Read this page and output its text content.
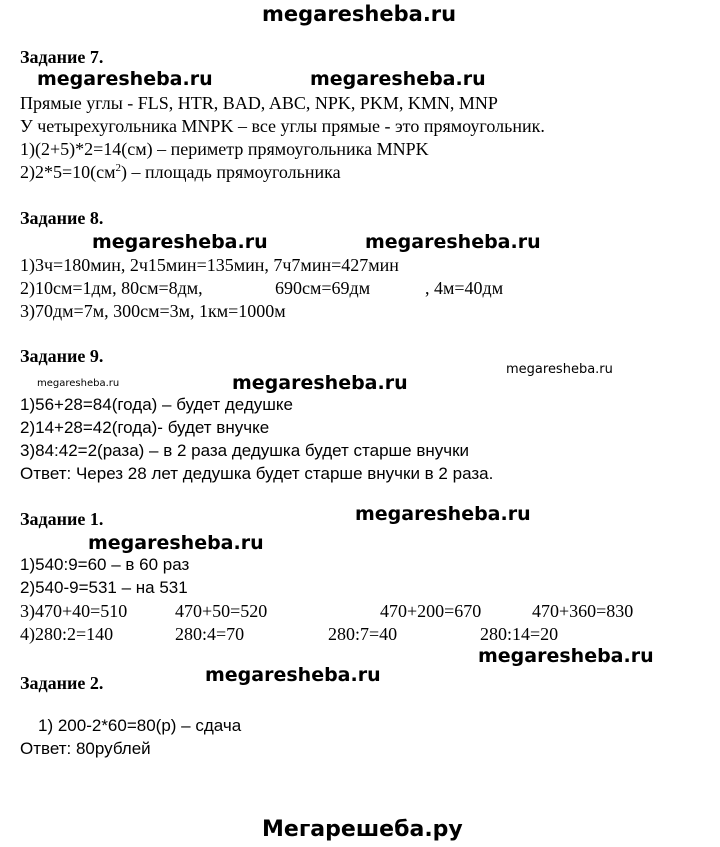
megaresheba.ru
Задание 7.
megaresheba.ru	megaresheba.ru
Прямые углы - FLS, HTR, BAD, ABC, NPK, PKM, KMN, MNP
У четырехугольника MNPK – все углы прямые - это прямоугольник.
1)(2+5)*2=14(см) – периметр прямоугольника MNPK
$2)2*5=10(см^2)$ – площадь прямоугольника
Задание 8.
megaresheba.ru	megaresheba.ru
1)3ч=180мин, 2ч15мин=135мин, 7ч7мин=427мин
2)10см=1дм, 80см=8дм,	690см=69дм	, 4м=40дм
3)70дм=7м, 300см=3м, 1км=1000м
Задание 9.
megaresheba.ru
megaresheba.ru	megaresheba.ru
1)56+28=84(года) – будет дедушке
2)14+28=42(года)- будет внучке
3)84:42=2(раза) – в 2 раза дедушка будет старше внучки
Ответ: Через 28 лет дедушка будет старше внучки в 2 раза.
Задание 1.	megaresheba.ru
megaresheba.ru
1)540:9=60 – в 60 раз
2)540-9=531 – на 531
3)470+40=510	470+50=520	470+200=670	470+360=830
4)280:2=140	280:4=70	280:7=40	280:14=20
megaresheba.ru
megaresheba.ru
Задание 2.
1) 200-2*60=80(р) – сдача
Ответ: 80рублей
Мегарешеба.ру
